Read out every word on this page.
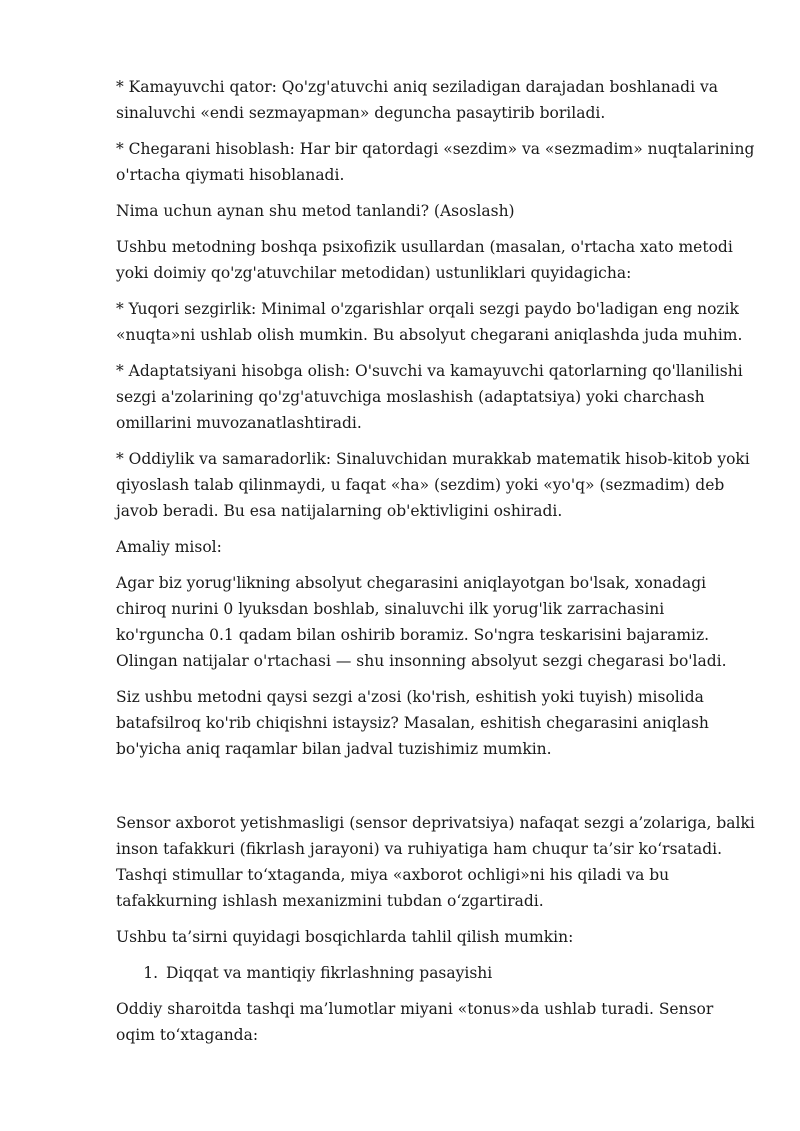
* Kamayuvchi qator: Qo'zg'atuvchi aniq seziladigan darajadan boshlanadi va sinaluvchi «endi sezmayapman» deguncha pasaytirib boriladi.

* Chegarani hisoblash: Har bir qatordagi «sezdim» va «sezmadim» nuqtalarining o'rtacha qiymati hisoblanadi.

Nima uchun aynan shu metod tanlandi? (Asoslash)

Ushbu metodning boshqa psixofizik usullardan (masalan, o'rtacha xato metodi yoki doimiy qo'zg'atuvchilar metodidan) ustunliklari quyidagicha:

* Yuqori sezgirlik: Minimal o'zgarishlar orqali sezgi paydo bo'ladigan eng nozik «nuqta»ni ushlab olish mumkin. Bu absolyut chegarani aniqlashda juda muhim.

* Adaptatsiyani hisobga olish: O'suvchi va kamayuvchi qatorlarning qo'llanilishi sezgi a'zolarining qo'zg'atuvchiga moslashish (adaptatsiya) yoki charchash omillarini muvozanatlashtiradi.

* Oddiylik va samaradorlik: Sinaluvchidan murakkab matematik hisob-kitob yoki qiyoslash talab qilinmaydi, u faqat «ha» (sezdim) yoki «yo'q» (sezmadim) deb javob beradi. Bu esa natijalarning ob'ektivligini oshiradi.

Amaliy misol:

Agar biz yorug'likning absolyut chegarasini aniqlayotgan bo'lsak, xonadagi chiroq nurini 0 lyuksdan boshlab, sinaluvchi ilk yorug'lik zarrachasini ko'rguncha 0.1 qadam bilan oshirib boramiz. So'ngra teskarisini bajaramiz. Olingan natijalar o'rtachasi — shu insonning absolyut sezgi chegarasi bo'ladi.

Siz ushbu metodni qaysi sezgi a'zosi (ko'rish, eshitish yoki tuyish) misolida batafsilroq ko'rib chiqishni istaysiz? Masalan, eshitish chegarasini aniqlash bo'yicha aniq raqamlar bilan jadval tuzishimiz mumkin.

Sensor axborot yetishmasligi (sensor deprivatsiya) nafaqat sezgi a’zolariga, balki inson tafakkuri (fikrlash jarayoni) va ruhiyatiga ham chuqur ta’sir ko‘rsatadi. Tashqi stimullar to‘xtaganda, miya «axborot ochligi»ni his qiladi va bu tafakkurning ishlash mexanizmini tubdan o‘zgartiradi.

Ushbu ta’sirni quyidagi bosqichlarda tahlil qilish mumkin:

1. Diqqat va mantiqiy fikrlashning pasayishi

Oddiy sharoitda tashqi ma’lumotlar miyani «tonus»da ushlab turadi. Sensor oqim to‘xtaganda:
